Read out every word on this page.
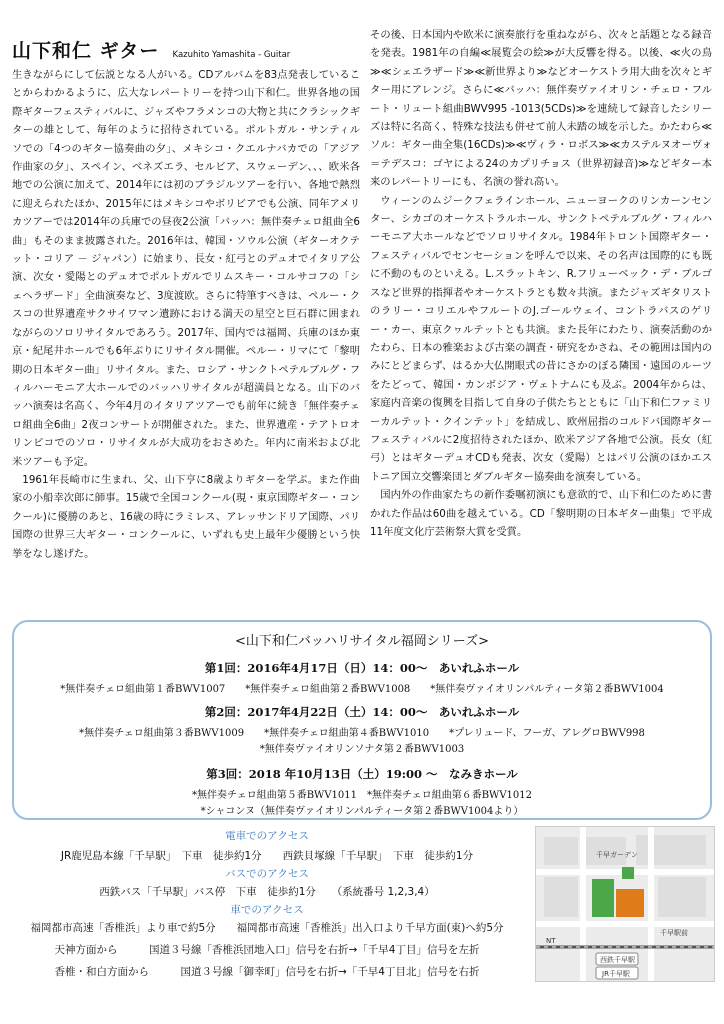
山下和仁 ギター Kazuhito Yamashita - Guitar

生きながらにして伝説となる人がいる。CDアルバムを83点発表していることからわかるように、広大なレパートリーを持つ山下和仁。世界各地の国際ギターフェスティバルに、ジャズやフラメンコの大物と共にクラシックギターの雄として、毎年のように招待されている。ポルトガル・サンティルソでの「4つのギター協奏曲の夕」、メキシコ・クエルナバカでの「アジア作曲家の夕」、スペイン、ベネズエラ、セルビア、スウェーデン、、、欧米各地での公演に加えて、2014年には初のブラジルツアーを行い、各地で熱烈に迎えられたほか、2015年にはメキシコやボリビアでも公演、同年アメリカツアーでは2014年の兵庫での昼夜2公演「バッハ：無伴奏チェロ組曲全6曲」もそのまま披露された。2016年は、韓国・ソウル公演（ギターオクテット・コリア － ジャパン）に始まり、長女・紅弓とのデュオでイタリア公演、次女・愛陽とのデュオでポルトガルでリムスキー・コルサコフの「シェヘラザード」全曲演奏など、3度渡欧。さらに特筆すべきは、ペルー・クスコの世界遺産サクサイワマン遺跡における満天の星空と巨石群に囲まれながらのソロリサイタルであろう。2017年、国内では福岡、兵庫のほか東京・紀尾井ホールでも6年ぶりにリサイタル開催。ペルー・リマにて「黎明期の日本ギター曲」リサイタル。また、ロシア・サンクトペテルブルグ・フィルハーモニア大ホールでのバッハリサイタルが超満員となる。山下のバッハ演奏は名高く、今年4月のイタリアツアーでも前年に続き「無伴奏チェロ組曲全6曲」2夜コンサートが開催された。また、世界遺産・テアトロオリンピコでのソロ・リサイタルが大成功をおさめた。年内に南米および北米ツアーも予定。

1961年長崎市に生まれ、父、山下亨に8歳よりギターを学ぶ。また作曲家の小船幸次郎に師事。15歳で全国コンクール(現・東京国際ギター・コンクール)に優勝のあと、16歳の時にラミレス、アレッサンドリア国際、パリ国際の世界三大ギター・コンクールに、いずれも史上最年少優勝という快挙をなし遂げた。

その後、日本国内や欧米に演奏旅行を重ねながら、次々と話題となる録音を発表。1981年の自編≪展覧会の絵≫が大反響を得る。以後、≪火の鳥≫≪シェエラザード≫≪新世界より≫などオーケストラ用大曲を次々とギター用にアレンジ。さらに≪バッハ：無伴奏ヴァイオリン・チェロ・フルート・リュート組曲BWV995 -1013(5CDs)≫を連続して録音したシリーズは特に名高く、特殊な技法も併せて前人未踏の域を示した。かたわら≪ソル：ギター曲全集(16CDs)≫≪ヴィラ・ロボス≫≪カステルヌオーヴォ＝テデスコ：ゴヤによる24のカプリチョス（世界初録音)≫などギター本来のレパートリーにも、名演の誉れ高い。

ウィーンのムジークフェラインホール、ニューヨークのリンカーンセンター、シカゴのオーケストラルホール、サンクトペテルブルグ・フィルハーモニア大ホールなどでソロリサイタル。1984年トロント国際ギター・フェスティバルでセンセーションを呼んで以来、その名声は国際的にも既に不動のものといえる。L.スラットキン、R.フリューベック・デ・ブルゴスなど世界的指揮者やオーケストラとも数々共演。またジャズギタリストのラリー・コリエルやフルートのJ.ゴールウェイ、コントラバスのゲリー・カー、東京クヮルテットとも共演。また長年にわたり、演奏活動のかたわら、日本の雅楽および古楽の調査・研究をかさね、その範囲は国内のみにとどまらず、はるか大仏開眼式の昔にさかのぼる隣国・遠国のルーツをたどって、韓国・カンボジア・ヴェトナムにも及ぶ。2004年からは、家庭内音楽の復興を目指して自身の子供たちとともに「山下和仁ファミリーカルテット・クインテット」を結成し、欧州屈指のコルドバ国際ギターフェスティバルに2度招待されたほか、欧米アジア各地で公演。長女（紅弓）とはギターデュオCDも発表、次女（愛陽）とはパリ公演のほかエストニア国立交響楽団とダブルギター協奏曲を演奏している。

国内外の作曲家たちの新作委嘱初演にも意欲的で、山下和仁のために書かれた作品は60曲を越えている。CD「黎明期の日本ギター曲集」で平成11年度文化庁芸術祭大賞を受賞。

<山下和仁バッハリサイタル福岡シリーズ>
第1回：2016年4月17日（日）14：00～　あいれふホール
*無伴奏チェロ組曲第１番BWV1007　　*無伴奏チェロ組曲第２番BWV1008　　*無伴奏ヴァイオリンパルティータ第２番BWV1004
第2回：2017年4月22日（土）14：00～　あいれふホール
*無伴奏チェロ組曲第３番BWV1009　　*無伴奏チェロ組曲第４番BWV1010　　*プレリュード、フーガ、アレグロBWV998
*無伴奏ヴァイオリンソナタ第２番BWV1003
第3回：2018 年10月13日（土）19:00 ～　なみきホール
*無伴奏チェロ組曲第５番BWV1011　*無伴奏チェロ組曲第６番BWV1012
*シャコンヌ（無伴奏ヴァイオリンパルティータ第２番BWV1004より）
電車でのアクセス
JR鹿児島本線「千早駅」　下車　徒歩約1分　　西鉄貝塚線「千早駅」　下車　徒歩約1分
バスでのアクセス
西鉄バス「千早駅」バス停　下車　徒歩約1分　　（系統番号 1,2,3,4）
車でのアクセス
福岡都市高速「香椎浜」より車で約5分　　福岡都市高速「香椎浜」出入口より千早方面(東)へ約5分
天神方面から　　　国道３号線「香椎浜団地入口」信号を右折→「千早4丁目」信号を左折
香椎・和白方面から　　　国道３号線「御幸町」信号を右折→「千早4丁目北」信号を右折
千早ガーデン
西鉄千早駅
JR千早駅
千早駅前
NT
